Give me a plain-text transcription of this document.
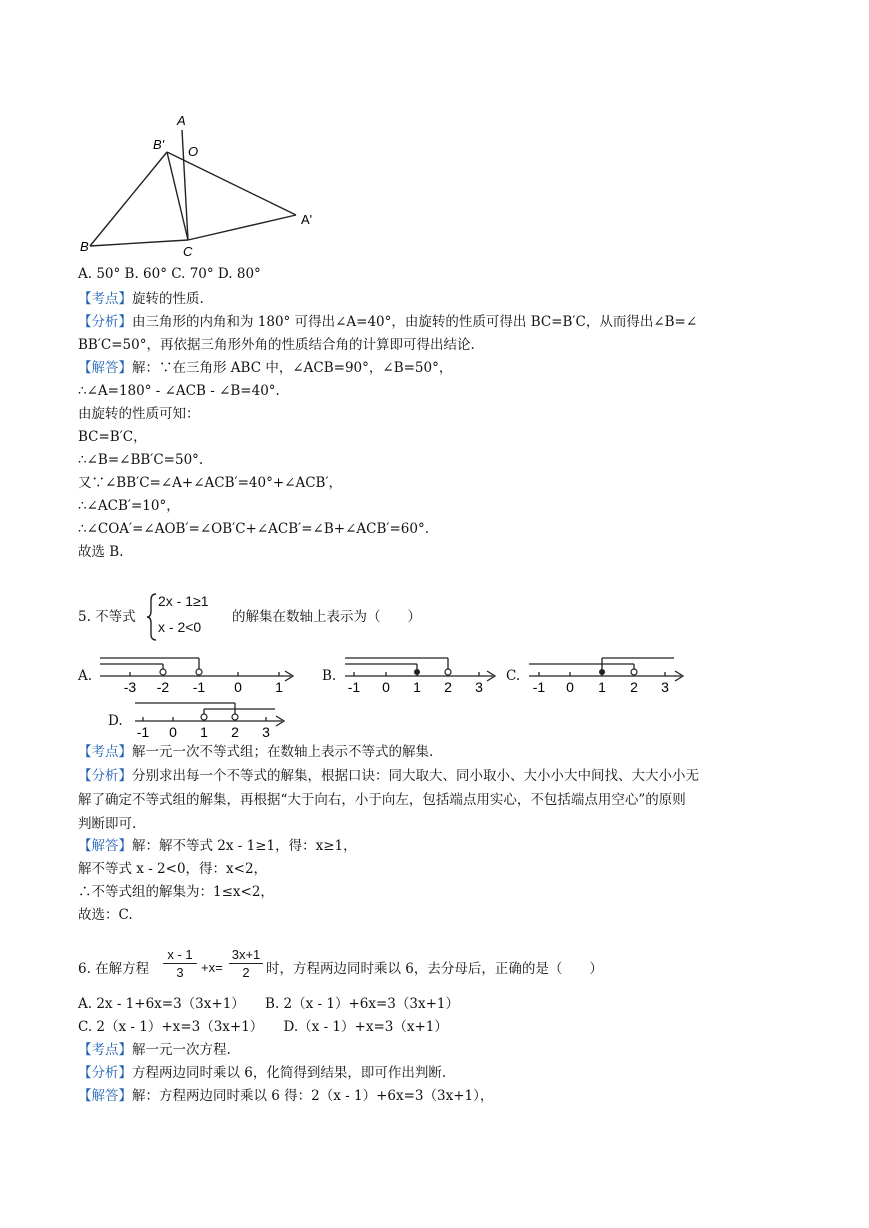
A
B' O
A'
B	C
A. 50° B. 60° C. 70° D. 80°
【考点】旋转的性质.
【分析】由三角形的内角和为 180° 可得出∠A=40°，由旋转的性质可得出 BC=B′C，从而得出∠B=∠
BB′C=50°，再依据三角形外角的性质结合角的计算即可得出结论.
【解答】解：∵在三角形 ABC 中，∠ACB=90°，∠B=50°，
∴∠A=180° - ∠ACB - ∠B=40°.
由旋转的性质可知：
BC=B′C，
∴∠B=∠BB′C=50°.
又∵∠BB′C=∠A+∠ACB′=40°+∠ACB′，
∴∠ACB′=10°，
∴∠COA′=∠AOB′=∠OB′C+∠ACB′=∠B+∠ACB′=60°.
故选 B.
5. 不等式
2x - 1≥1
x - 2<0
的解集在数轴上表示为（　　）
A.
-3 -2 -1 0 1
B.
-1 0 1 2 3
C.
-1 0 1 2 3
D.
-1 0 1 2 3
【考点】解一元一次不等式组；在数轴上表示不等式的解集.
【分析】分别求出每一个不等式的解集，根据口诀：同大取大、同小取小、大小小大中间找、大大小小无
解了确定不等式组的解集，再根据“大于向右，小于向左，包括端点用实心，不包括端点用空心”的原则
判断即可.
【解答】解：解不等式 2x - 1≥1，得：x≥1，
解不等式 x - 2<0，得：x<2，
∴不等式组的解集为：1≤x<2，
故选：C.
6. 在解方程
x - 1
3	+x=
3x+1
2	时，方程两边同时乘以 6，去分母后，正确的是（　　）
A. 2x - 1+6x=3（3x+1）　　B. 2（x - 1）+6x=3（3x+1）
C. 2（x - 1）+x=3（3x+1）　　D.（x - 1）+x=3（x+1）
【考点】解一元一次方程.
【分析】方程两边同时乘以 6，化简得到结果，即可作出判断.
【解答】解：方程两边同时乘以 6 得：2（x - 1）+6x=3（3x+1），
